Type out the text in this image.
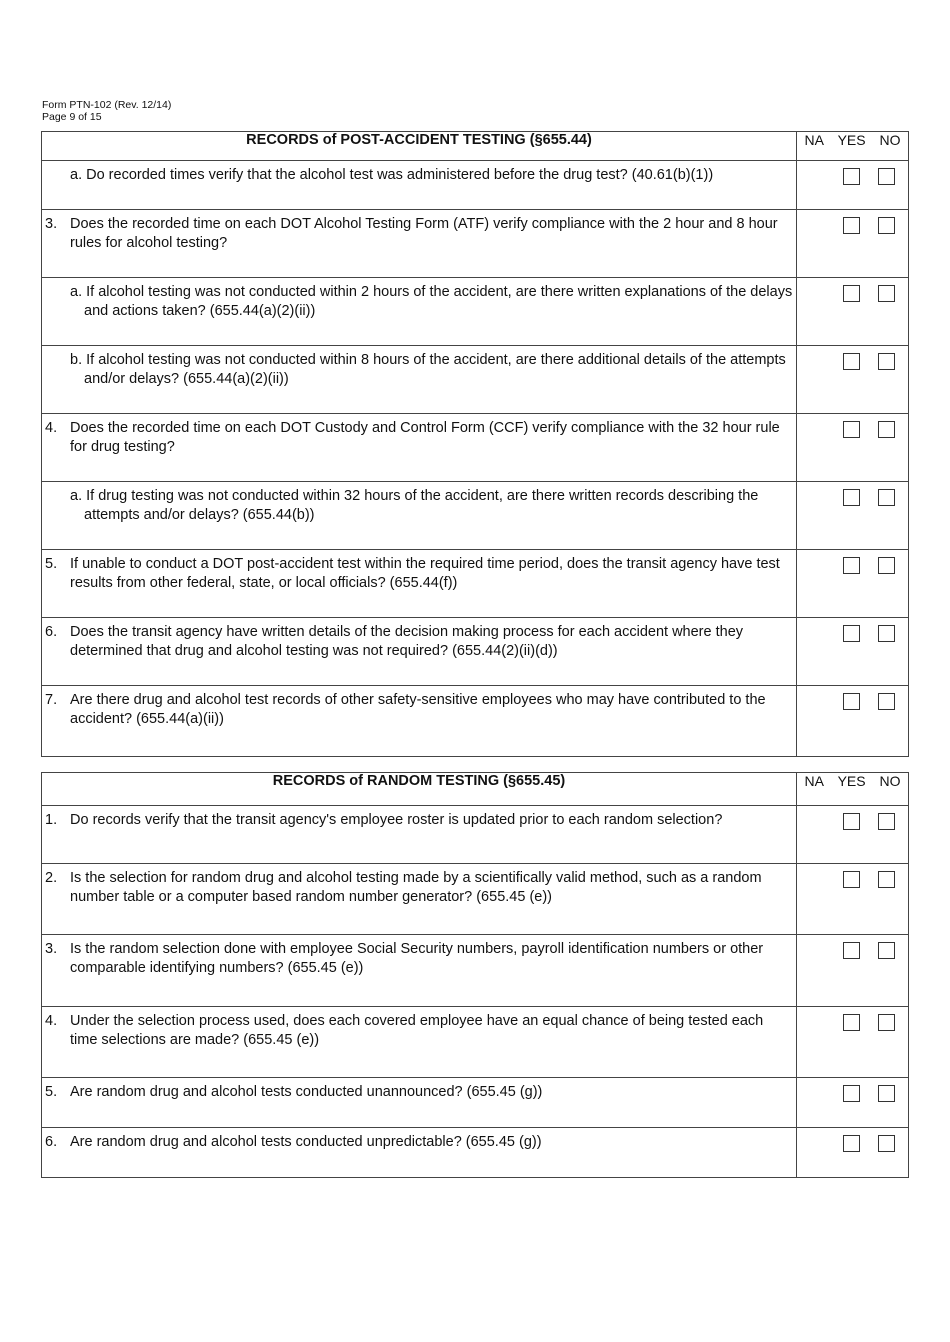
Form PTN-102 (Rev. 12/14)
Page 9 of 15
RECORDS of POST-ACCIDENT TESTING (§655.44)	NA YES NO

a. Do recorded times verify that the alcohol test was administered before the drug test? (40.61(b)(1))	

3. Does the recorded time on each DOT Alcohol Testing Form (ATF) verify compliance with the 2 hour and 8 hour rules for alcohol testing?	

a. If alcohol testing was not conducted within 2 hours of the accident, are there written explanations of the delays and actions taken? (655.44(a)(2)(ii))	

b. If alcohol testing was not conducted within 8 hours of the accident, are there additional details of the attempts and/or delays? (655.44(a)(2)(ii))	

4. Does the recorded time on each DOT Custody and Control Form (CCF) verify compliance with the 32 hour rule for drug testing?	

a. If drug testing was not conducted within 32 hours of the accident, are there written records describing the attempts and/or delays? (655.44(b))	

5. If unable to conduct a DOT post-accident test within the required time period, does the transit agency have test results from other federal, state, or local officials? (655.44(f))	

6. Does the transit agency have written details of the decision making process for each accident where they determined that drug and alcohol testing was not required? (655.44(2)(ii)(d))	

7. Are there drug and alcohol test records of other safety-sensitive employees who may have contributed to the accident? (655.44(a)(ii))	

RECORDS of RANDOM TESTING (§655.45)	NA YES NO

1. Do records verify that the transit agency's employee roster is updated prior to each random selection?	

2. Is the selection for random drug and alcohol testing made by a scientifically valid method, such as a random number table or a computer based random number generator? (655.45 (e))	

3. Is the random selection done with employee Social Security numbers, payroll identification numbers or other comparable identifying numbers? (655.45 (e))	

4. Under the selection process used, does each covered employee have an equal chance of being tested each time selections are made? (655.45 (e))	

5. Are random drug and alcohol tests conducted unannounced? (655.45 (g))	

6. Are random drug and alcohol tests conducted unpredictable? (655.45 (g))	
